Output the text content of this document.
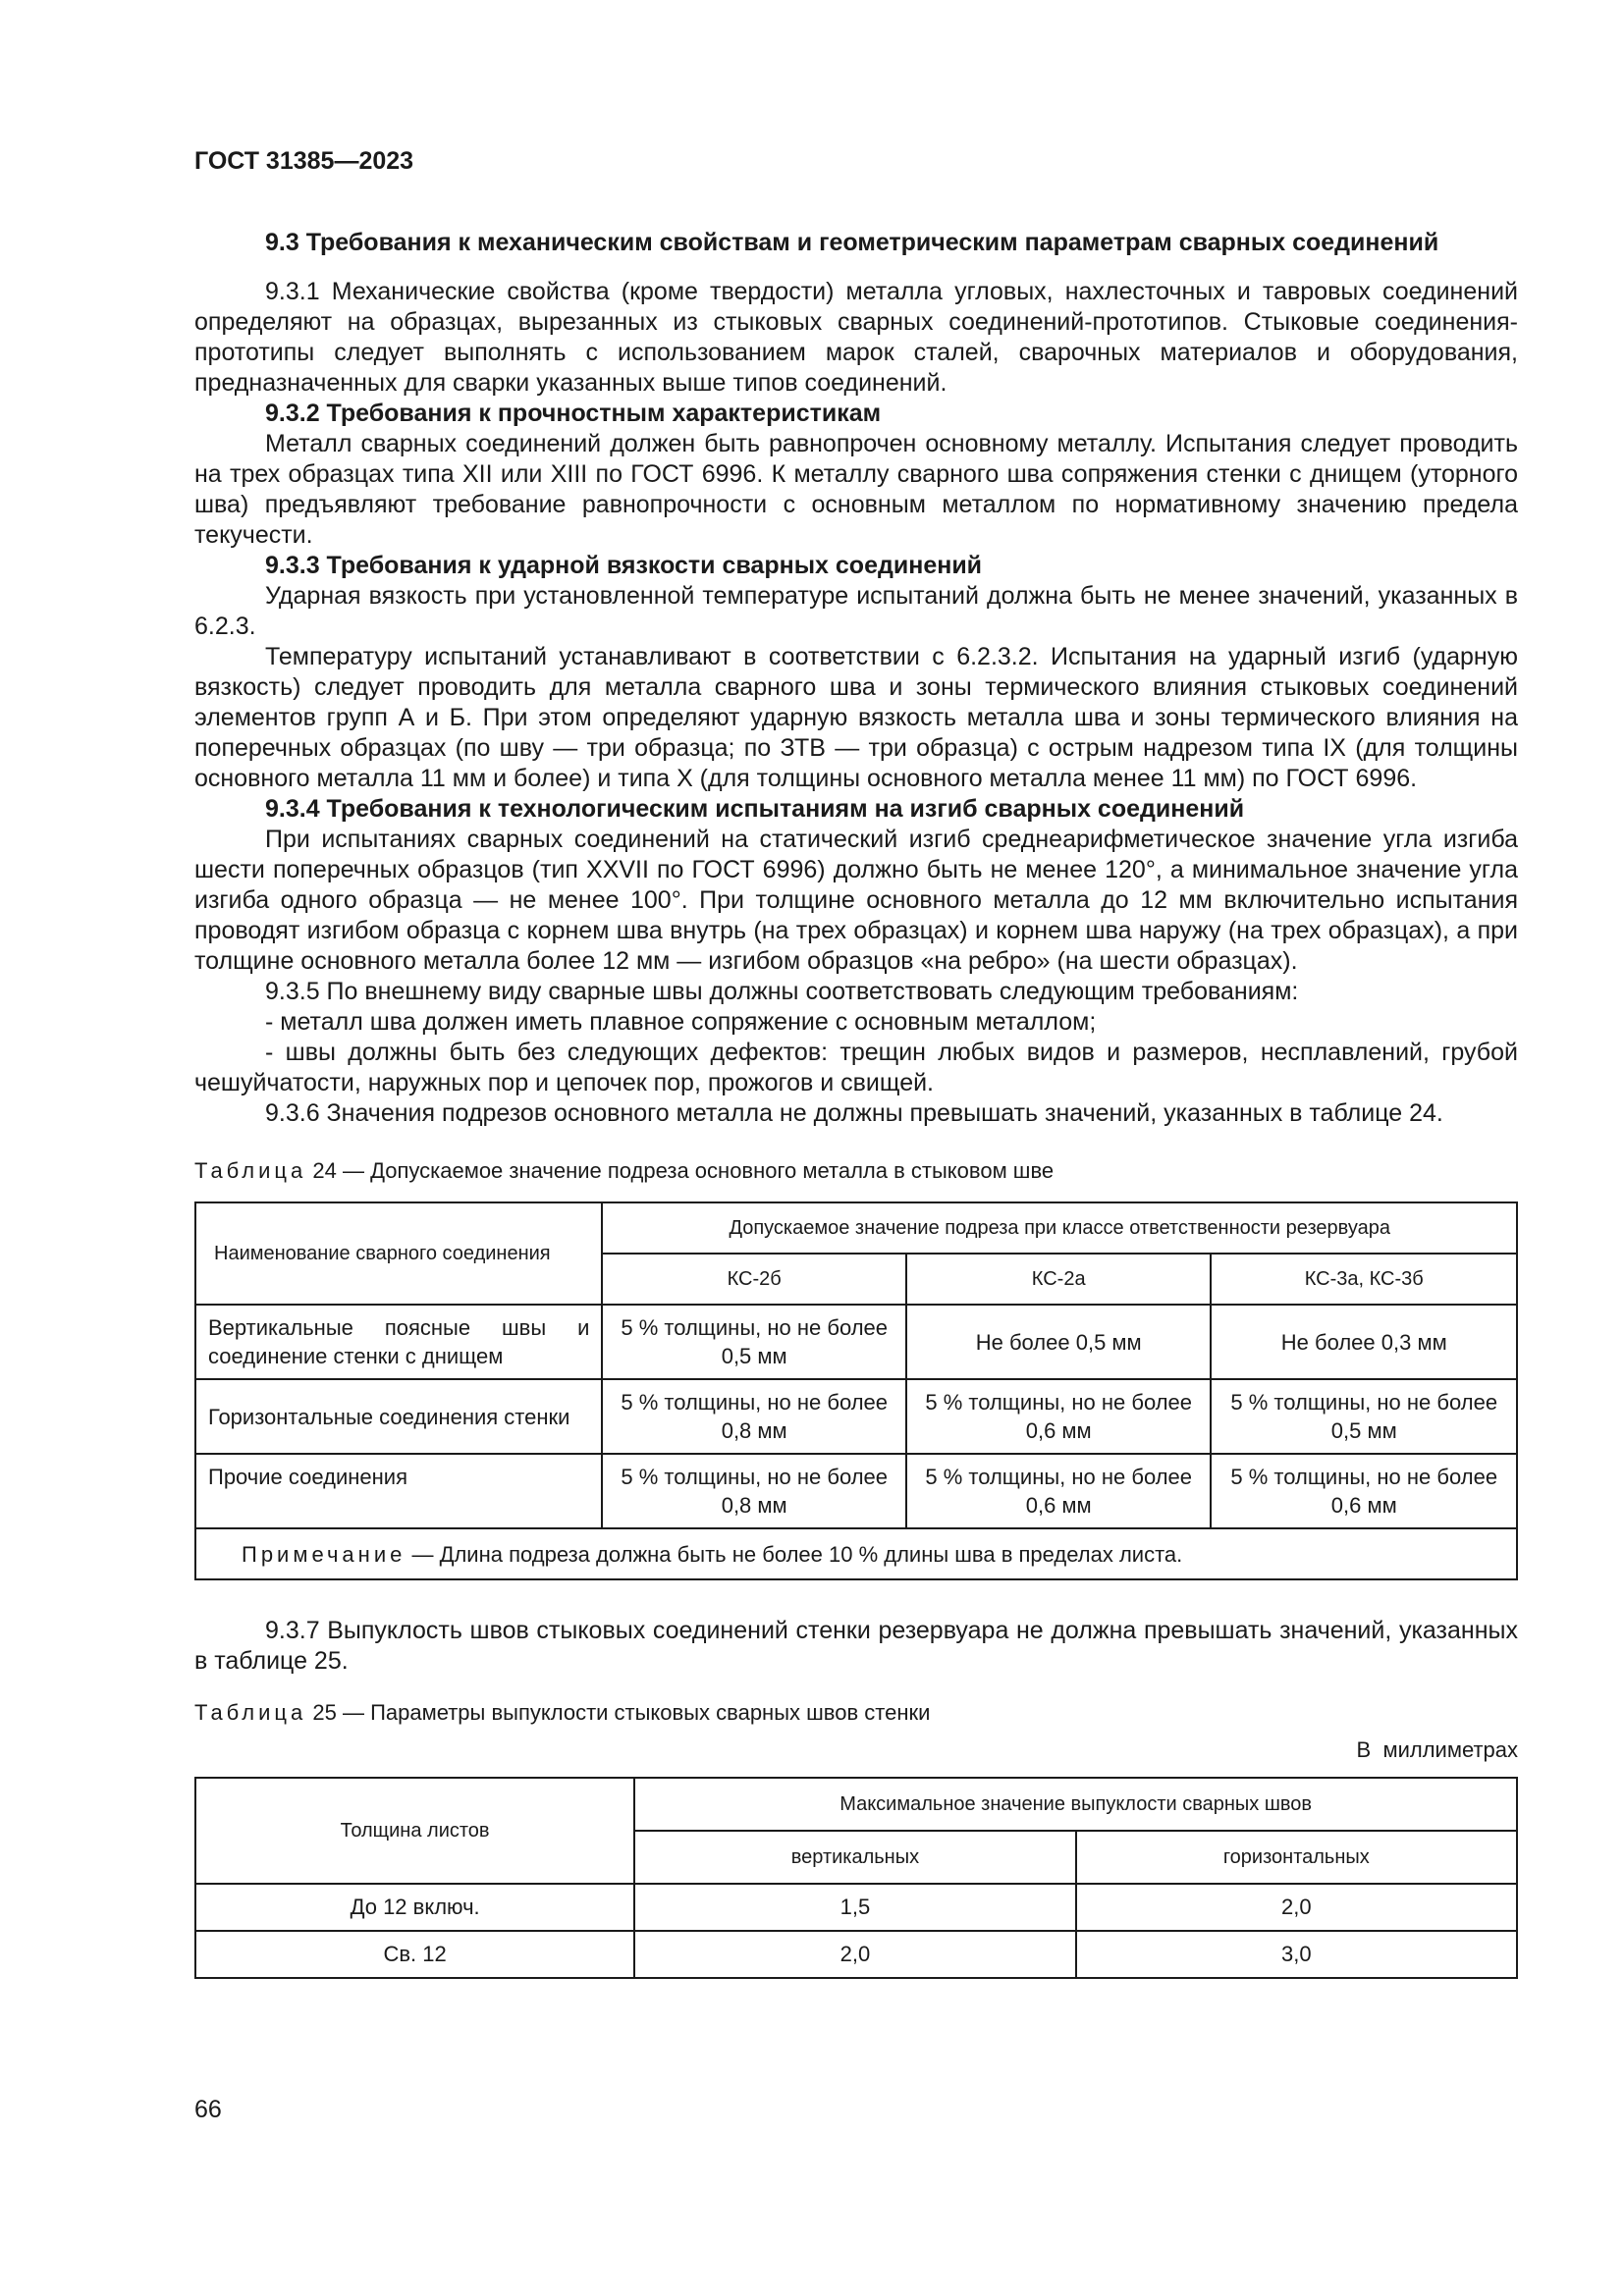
ГОСТ 31385—2023
9.3 Требования к механическим свойствам и геометрическим параметрам сварных соединений

9.3.1 Механические свойства (кроме твердости) металла угловых, нахлесточных и тавровых соединений определяют на образцах, вырезанных из стыковых сварных соединений-прототипов. Стыковые соединения-прототипы следует выполнять с использованием марок сталей, сварочных материалов и оборудования, предназначенных для сварки указанных выше типов соединений.

9.3.2 Требования к прочностным характеристикам

Металл сварных соединений должен быть равнопрочен основному металлу. Испытания следует проводить на трех образцах типа XII или XIII по ГОСТ 6996. К металлу сварного шва сопряжения стенки с днищем (уторного шва) предъявляют требование равнопрочности с основным металлом по нормативному значению предела текучести.

9.3.3 Требования к ударной вязкости сварных соединений

Ударная вязкость при установленной температуре испытаний должна быть не менее значений, указанных в 6.2.3.

Температуру испытаний устанавливают в соответствии с 6.2.3.2. Испытания на ударный изгиб (ударную вязкость) следует проводить для металла сварного шва и зоны термического влияния стыковых соединений элементов групп А и Б. При этом определяют ударную вязкость металла шва и зоны термического влияния на поперечных образцах (по шву — три образца; по ЗТВ — три образца) с острым надрезом типа IX (для толщины основного металла 11 мм и более) и типа X (для толщины основного металла менее 11 мм) по ГОСТ 6996.

9.3.4 Требования к технологическим испытаниям на изгиб сварных соединений

При испытаниях сварных соединений на статический изгиб среднеарифметическое значение угла изгиба шести поперечных образцов (тип XXVII по ГОСТ 6996) должно быть не менее 120°, а минимальное значение угла изгиба одного образца — не менее 100°. При толщине основного металла до 12 мм включительно испытания проводят изгибом образца с корнем шва внутрь (на трех образцах) и корнем шва наружу (на трех образцах), а при толщине основного металла более 12 мм — изгибом образцов «на ребро» (на шести образцах).

9.3.5 По внешнему виду сварные швы должны соответствовать следующим требованиям:

- металл шва должен иметь плавное сопряжение с основным металлом;

- швы должны быть без следующих дефектов: трещин любых видов и размеров, несплавлений, грубой чешуйчатости, наружных пор и цепочек пор, прожогов и свищей.

9.3.6 Значения подрезов основного металла не должны превышать значений, указанных в таблице 24.

Таблица 24 — Допускаемое значение подреза основного металла в стыковом шве
Наименование сварного соединения	Допускаемое значение подреза при классе ответственности резервуара		
	КС-2б	КС-2а	КС-3а, КС-3б
Вертикальные поясные швы и соединение стенки с днищем	5 % толщины, но не более 0,5 мм	Не более 0,5 мм	Не более 0,3 мм
Горизонтальные соединения стенки	5 % толщины, но не более 0,8 мм	5 % толщины, но не более 0,6 мм	5 % толщины, но не более 0,5 мм
Прочие соединения	5 % толщины, но не более 0,8 мм	5 % толщины, но не более 0,6 мм	5 % толщины, но не более 0,6 мм
Примечание — Длина подреза должна быть не более 10 % длины шва в пределах листа.			

9.3.7 Выпуклость швов стыковых соединений стенки резервуара не должна превышать значений, указанных в таблице 25.

Таблица 25 — Параметры выпуклости стыковых сварных швов стенки
В  миллиметрах
Толщина листов	Максимальное значение выпуклости сварных швов	
	вертикальных	горизонтальных
До 12 включ.	1,5	2,0
Св. 12	2,0	3,0
66
